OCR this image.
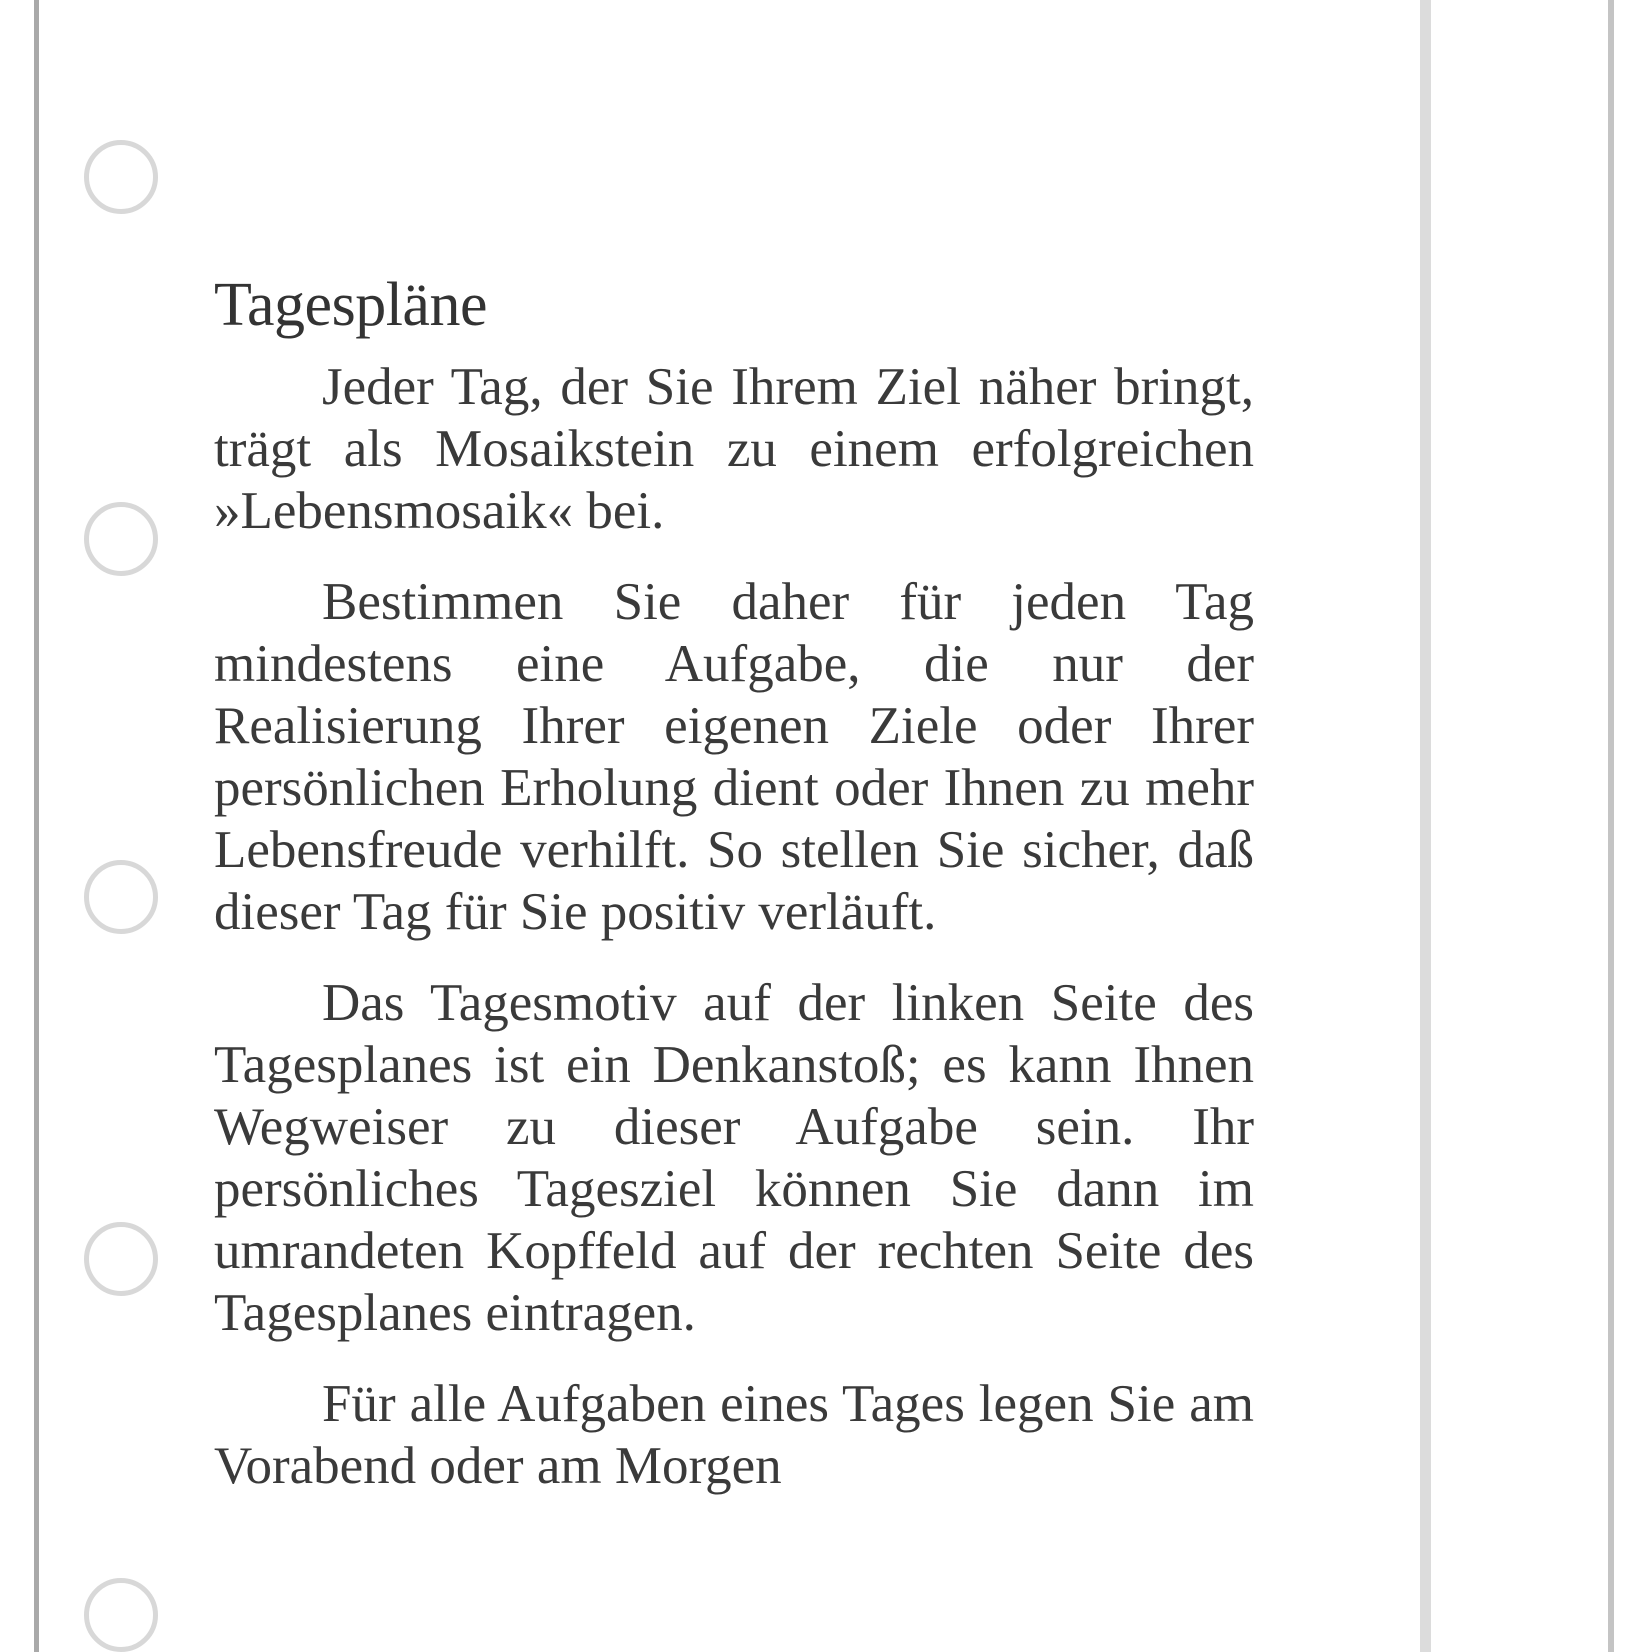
Tagespläne

Jeder Tag, der Sie Ihrem Ziel näher bringt, trägt als Mosaikstein zu einem erfolgreichen »Lebensmosaik« bei.

Bestimmen Sie daher für jeden Tag mindestens eine Aufgabe, die nur der Realisierung Ihrer eigenen Ziele oder Ihrer persönlichen Erholung dient oder Ihnen zu mehr Lebensfreude verhilft. So stellen Sie sicher, daß dieser Tag für Sie positiv verläuft.

Das Tagesmotiv auf der linken Seite des Tagesplanes ist ein Denkanstoß; es kann Ihnen Wegweiser zu dieser Aufgabe sein. Ihr persönliches Tagesziel können Sie dann im umrandeten Kopffeld auf der rechten Seite des Tagesplanes eintragen.

Für alle Aufgaben eines Tages legen Sie am Vorabend oder am Morgen
